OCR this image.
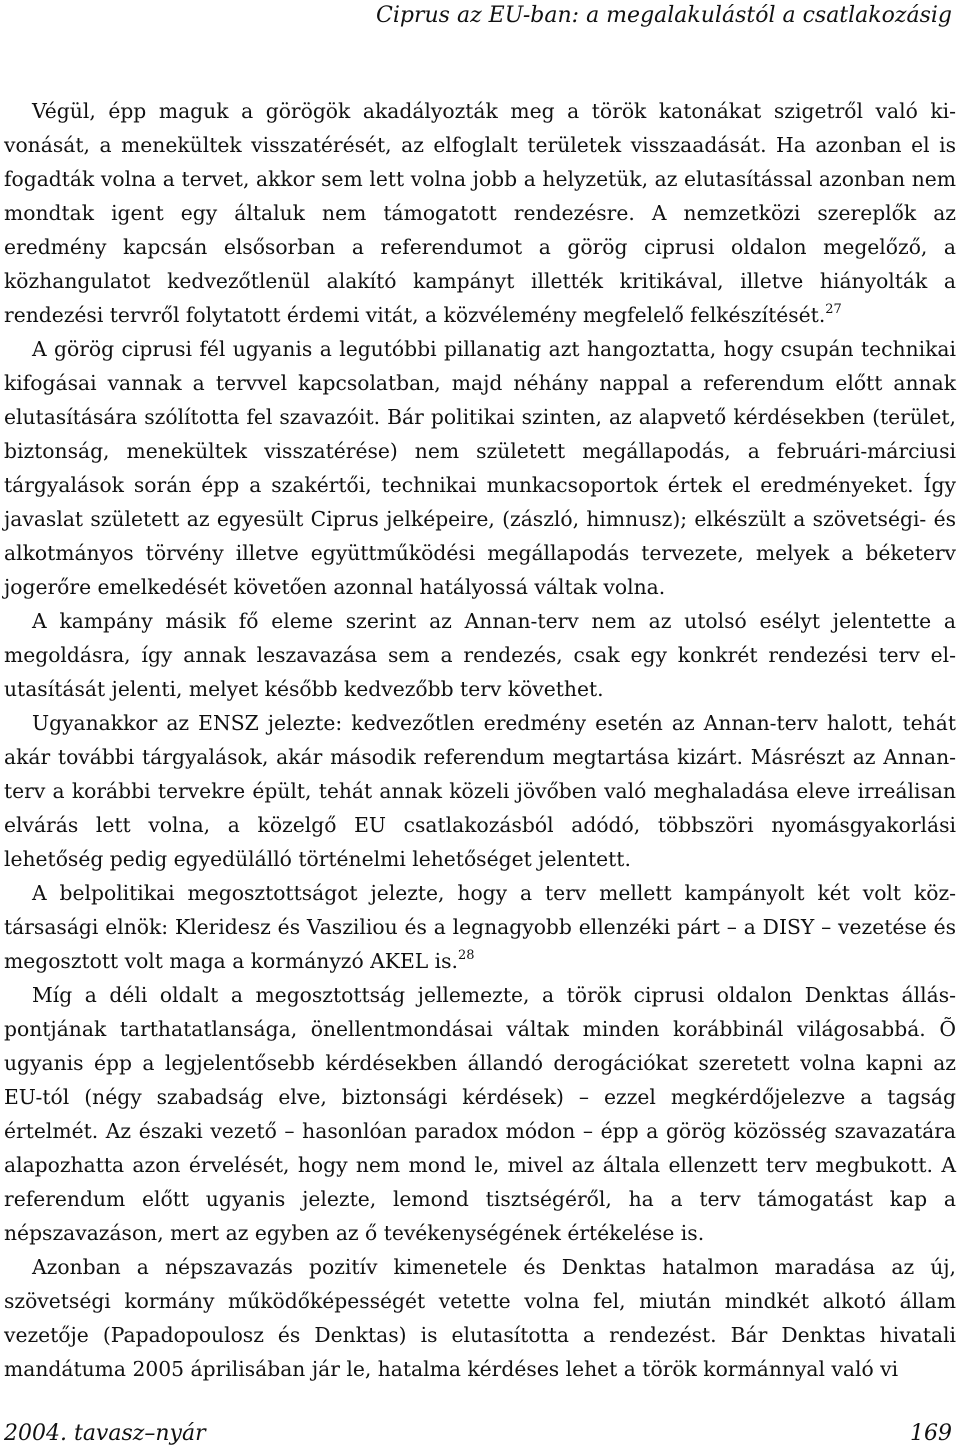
Ciprus az EU-ban: a megalakulástól a csatlakozásig

Végül, épp maguk a görögök akadályozták meg a török katonákat szigetről való kivonását, a menekültek visszatérését, az elfoglalt területek visszaadását. Ha azonban el is fogadták volna a tervet, akkor sem lett volna jobb a helyzetük, az elutasítással azonban nem mondtak igent egy általuk nem támogatott rendezésre. A nemzetközi szereplők az eredmény kapcsán elsősorban a referendumot a görög ciprusi oldalon megelőző, a közhangulatot kedvezőtlenül alakító kampányt illették kritikával, illetve hiányolták a rendezési tervről folytatott érdemi vitát, a közvélemény megfelelő felkészítését.$^{27}$

A görög ciprusi fél ugyanis a legutóbbi pillanatig azt hangoztatta, hogy csupán technikai kifogásai vannak a tervvel kapcsolatban, majd néhány nappal a referendum előtt annak elutasítására szólította fel szavazóit. Bár politikai szinten, az alapvető kérdésekben (terület, biztonság, menekültek visszatérése) nem született megállapodás, a februári-márciusi tárgyalások során épp a szakértői, technikai munkacsoportok értek el eredményeket. Így javaslat született az egyesült Ciprus jelképeire, (zászló, himnusz); elkészült a szövetségi- és alkotmányos törvény illetve együttműködési megállapodás tervezete, melyek a béketerv jogerőre emelkedését követően azonnal hatályossá váltak volna.

A kampány másik fő eleme szerint az Annan-terv nem az utolsó esélyt jelentette a megoldásra, így annak leszavazása sem a rendezés, csak egy konkrét rendezési terv elutasítását jelenti, melyet később kedvezőbb terv követhet.

Ugyanakkor az ENSZ jelezte: kedvezőtlen eredmény esetén az Annan-terv halott, tehát akár további tárgyalások, akár második referendum megtartása kizárt. Másrészt az Annan-terv a korábbi tervekre épült, tehát annak közeli jövőben való meghaladása eleve irreálisan elvárás lett volna, a közelgő EU csatlakozásból adódó, többszöri nyomásgyakorlási lehetőség pedig egyedülálló történelmi lehetőséget jelentett.

A belpolitikai megosztottságot jelezte, hogy a terv mellett kampányolt két volt köztársasági elnök: Kleridesz és Vasziliou és a legnagyobb ellenzéki párt – a DISY – vezetése és megosztott volt maga a kormányzó AKEL is.$^{28}$

Míg a déli oldalt a megosztottság jellemezte, a török ciprusi oldalon Denktas álláspontjának tarthatatlansága, önellentmondásai váltak minden korábbinál világosabbá. Õ ugyanis épp a legjelentősebb kérdésekben állandó derogációkat szeretett volna kapni az EU-tól (négy szabadság elve, biztonsági kérdések) – ezzel megkérdőjelezve a tagság értelmét. Az északi vezető – hasonlóan paradox módon – épp a görög közösség szavazatára alapozhatta azon érvelését, hogy nem mond le, mivel az általa ellenzett terv megbukott. A referendum előtt ugyanis jelezte, lemond tisztségéről, ha a terv támogatást kap a népszavazáson, mert az egyben az ő tevékenységének értékelése is.

Azonban a népszavazás pozitív kimenetele és Denktas hatalmon maradása az új, szövetségi kormány működőképességét vetette volna fel, miután mindkét alkotó állam vezetője (Papadopoulosz és Denktas) is elutasította a rendezést. Bár Denktas hivatali mandátuma 2005 áprilisában jár le, hatalma kérdéses lehet a török kormánnyal való vi

2004. tavasz–nyár	169
